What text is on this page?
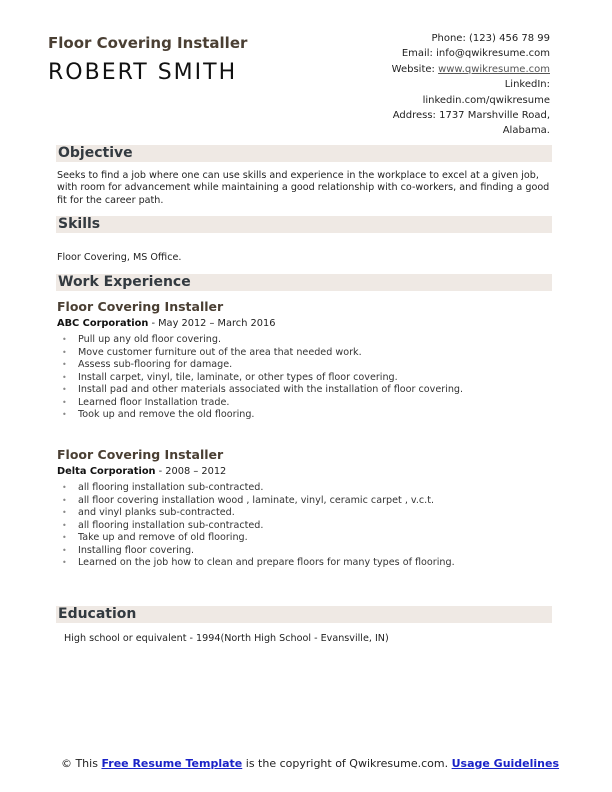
Floor Covering Installer
ROBERT SMITH
Phone: (123) 456 78 99
Email: info@qwikresume.com
Website: www.qwikresume.com
LinkedIn:
linkedin.com/qwikresume
Address: 1737 Marshville Road,
Alabama.
Objective
Seeks to find a job where one can use skills and experience in the workplace to excel at a given job, with room for advancement while maintaining a good relationship with co-workers, and finding a good fit for the career path.
Skills
Floor Covering, MS Office.
Work Experience
Floor Covering Installer
ABC Corporation - May 2012 – March 2016
• Pull up any old floor covering.
• Move customer furniture out of the area that needed work.
• Assess sub-flooring for damage.
• Install carpet, vinyl, tile, laminate, or other types of floor covering.
• Install pad and other materials associated with the installation of floor covering.
• Learned floor Installation trade.
• Took up and remove the old flooring.
Floor Covering Installer
Delta Corporation - 2008 – 2012
• all flooring installation sub-contracted.
• all floor covering installation wood , laminate, vinyl, ceramic carpet , v.c.t.
• and vinyl planks sub-contracted.
• all flooring installation sub-contracted.
• Take up and remove of old flooring.
• Installing floor covering.
• Learned on the job how to clean and prepare floors for many types of flooring.
Education
High school or equivalent - 1994(North High School - Evansville, IN)
© This Free Resume Template is the copyright of Qwikresume.com. Usage Guidelines
